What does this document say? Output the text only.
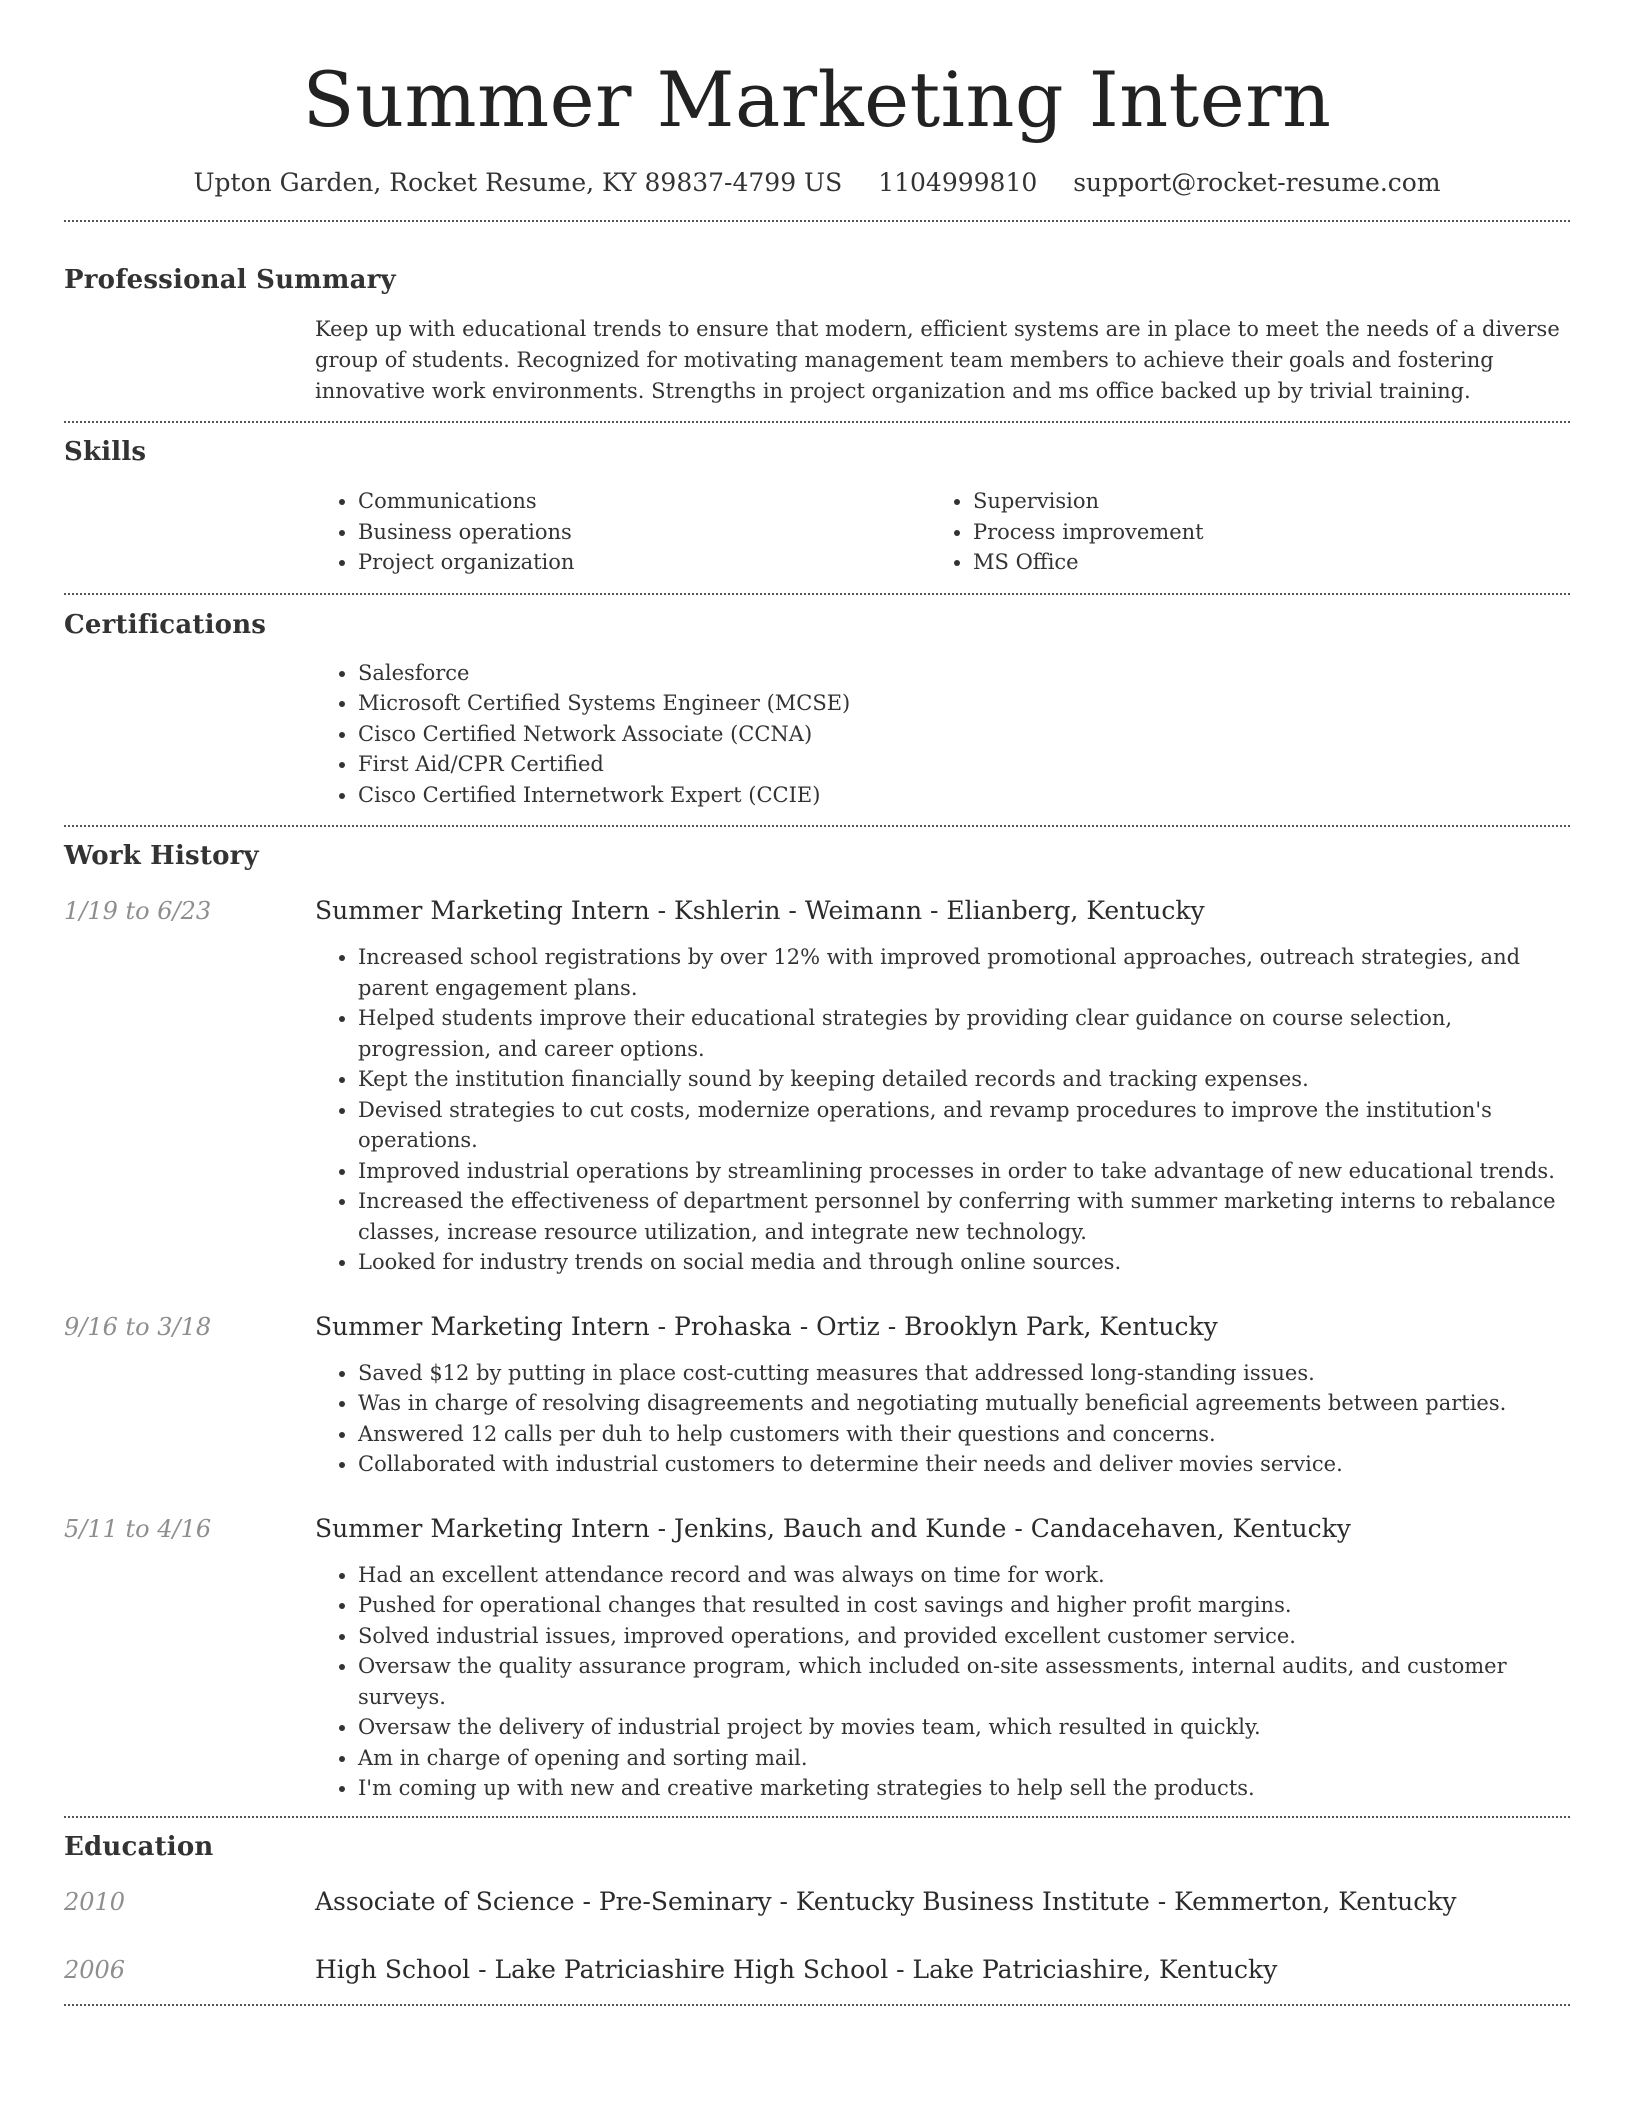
Summer Marketing Intern
Upton Garden, Rocket Resume, KY 89837-4799 US 1104999810 support@rocket-resume.com
Professional Summary
Keep up with educational trends to ensure that modern, efficient systems are in place to meet the needs of a diverse group of students. Recognized for motivating management team members to achieve their goals and fostering innovative work environments. Strengths in project organization and ms office backed up by trivial training.
Skills
• Communications
• Business operations
• Project organization
• Supervision
• Process improvement
• MS Office
Certifications
• Salesforce
• Microsoft Certified Systems Engineer (MCSE)
• Cisco Certified Network Associate (CCNA)
• First Aid/CPR Certified
• Cisco Certified Internetwork Expert (CCIE)
Work History
1/19 to 6/23	Summer Marketing Intern - Kshlerin - Weimann - Elianberg, Kentucky
• Increased school registrations by over 12% with improved promotional approaches, outreach strategies, and parent engagement plans.
• Helped students improve their educational strategies by providing clear guidance on course selection, progression, and career options.
• Kept the institution financially sound by keeping detailed records and tracking expenses.
• Devised strategies to cut costs, modernize operations, and revamp procedures to improve the institution's operations.
• Improved industrial operations by streamlining processes in order to take advantage of new educational trends.
• Increased the effectiveness of department personnel by conferring with summer marketing interns to rebalance classes, increase resource utilization, and integrate new technology.
• Looked for industry trends on social media and through online sources.
9/16 to 3/18	Summer Marketing Intern - Prohaska - Ortiz - Brooklyn Park, Kentucky
• Saved $12 by putting in place cost-cutting measures that addressed long-standing issues.
• Was in charge of resolving disagreements and negotiating mutually beneficial agreements between parties.
• Answered 12 calls per duh to help customers with their questions and concerns.
• Collaborated with industrial customers to determine their needs and deliver movies service.
5/11 to 4/16	Summer Marketing Intern - Jenkins, Bauch and Kunde - Candacehaven, Kentucky
• Had an excellent attendance record and was always on time for work.
• Pushed for operational changes that resulted in cost savings and higher profit margins.
• Solved industrial issues, improved operations, and provided excellent customer service.
• Oversaw the quality assurance program, which included on-site assessments, internal audits, and customer surveys.
• Oversaw the delivery of industrial project by movies team, which resulted in quickly.
• Am in charge of opening and sorting mail.
• I'm coming up with new and creative marketing strategies to help sell the products.
Education
2010	Associate of Science - Pre-Seminary - Kentucky Business Institute - Kemmerton, Kentucky
2006	High School - Lake Patriciashire High School - Lake Patriciashire, Kentucky
